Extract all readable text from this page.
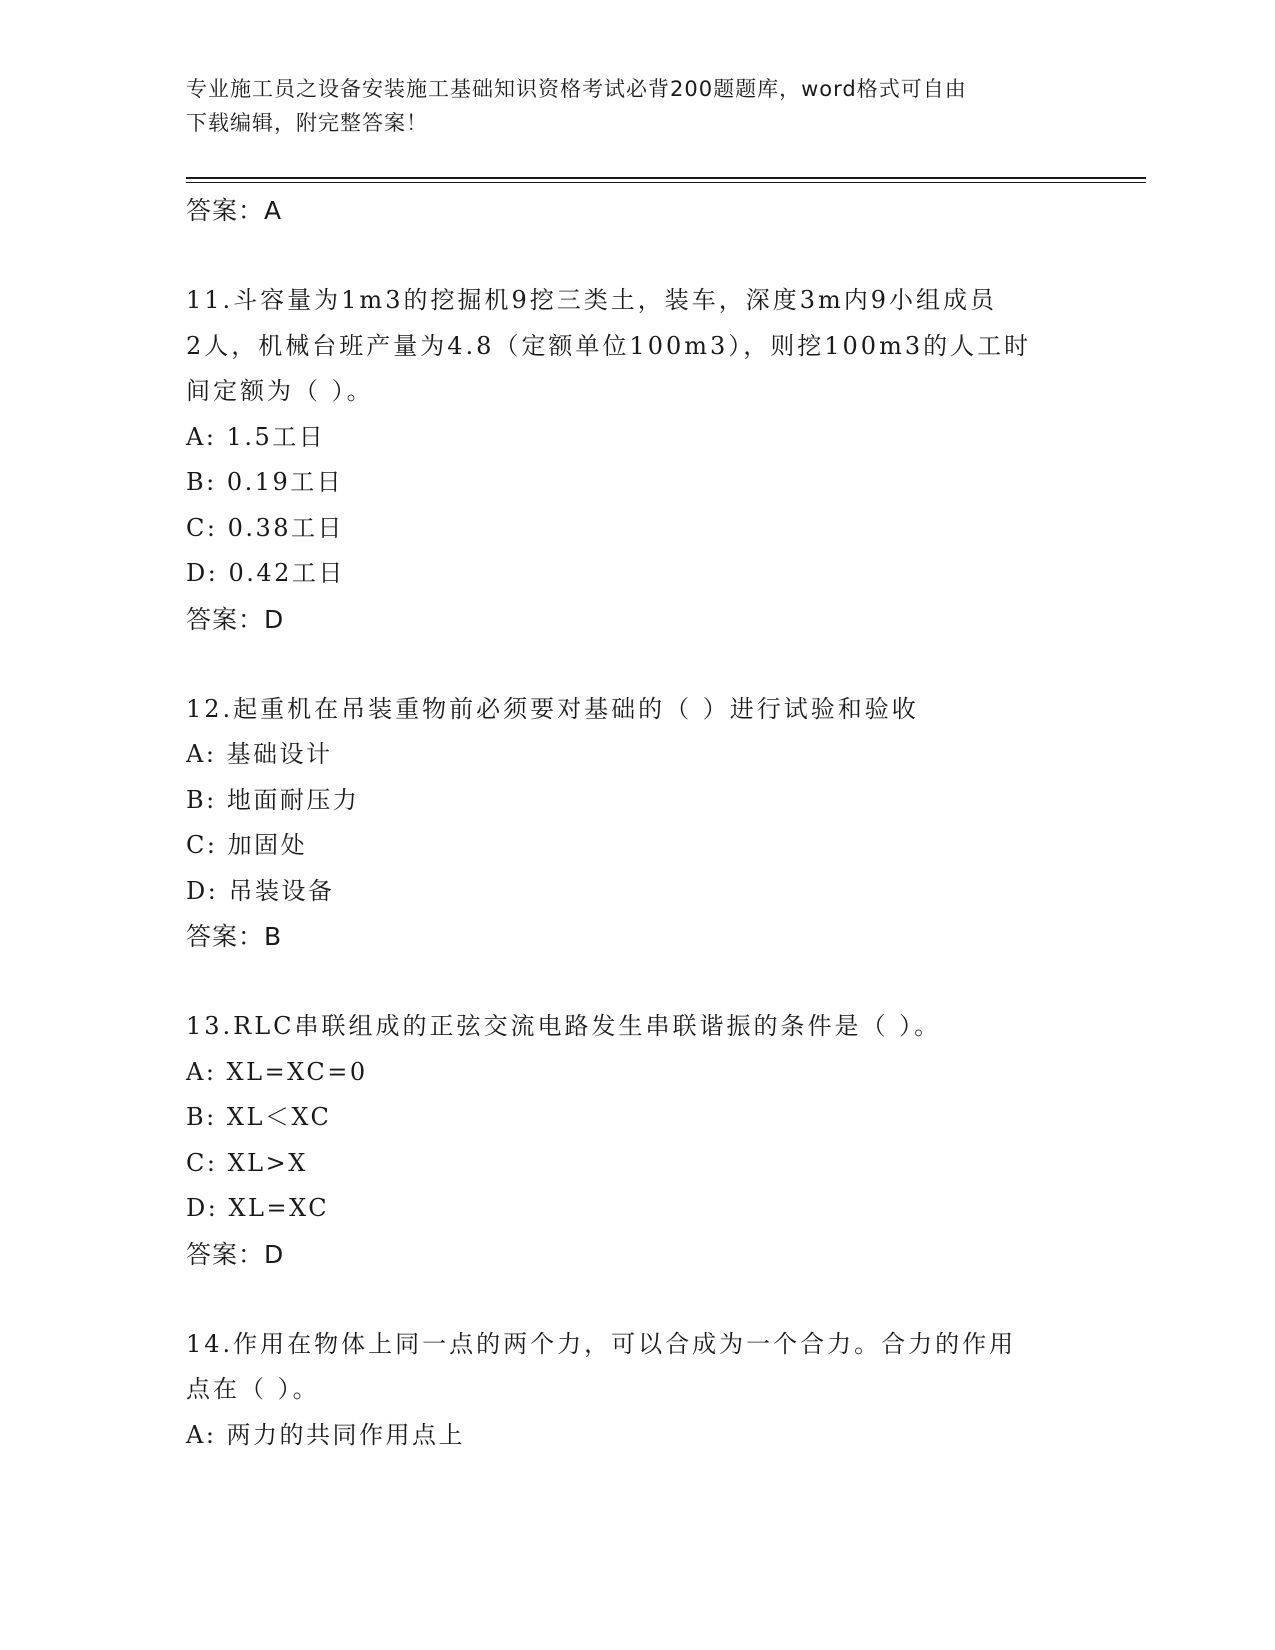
专业施工员之设备安装施工基础知识资格考试必背200题题库，word格式可自由
下载编辑，附完整答案！
答案：A
11.斗容量为1m3的挖掘机9挖三类土，装车，深度3m内9小组成员
2人，机械台班产量为4.8（定额单位100m3），则挖100m3的人工时
间定额为（ ）。
A: 1.5工日
B: 0.19工日
C: 0.38工日
D: 0.42工日
答案：D
12.起重机在吊装重物前必须要对基础的（ ）进行试验和验收
A: 基础设计
B: 地面耐压力
C: 加固处
D: 吊装设备
答案：B
13.RLC串联组成的正弦交流电路发生串联谐振的条件是（ ）。
A: XL=XC=0
B: XL＜XC
C: XL>X
D: XL=XC
答案：D
14.作用在物体上同一点的两个力，可以合成为一个合力。合力的作用
点在（ ）。
A: 两力的共同作用点上
